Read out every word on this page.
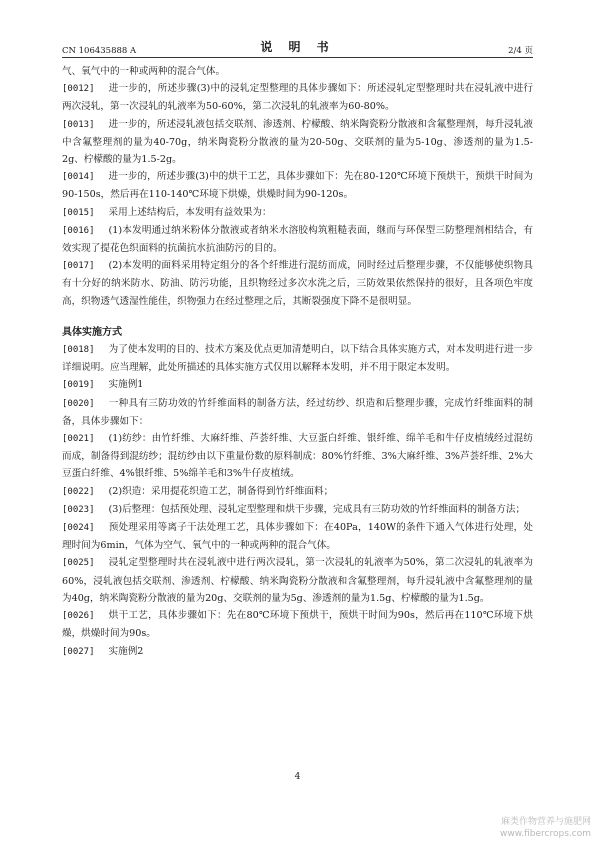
CN 106435888 A	说 明 书	2/4 页

气、氧气中的一种或两种的混合气体。

[0012] 进一步的，所述步骤(3)中的浸轧定型整理的具体步骤如下：所述浸轧定型整理时共在浸轧液中进行两次浸轧，第一次浸轧的轧液率为50-60%，第二次浸轧的轧液率为60-80%。

[0013] 进一步的，所述浸轧液包括交联剂、渗透剂、柠檬酸、纳米陶瓷粉分散液和含氟整理剂，每升浸轧液中含氟整理剂的量为40-70g，纳米陶瓷粉分散液的量为20-50g、交联剂的量为5-10g、渗透剂的量为1.5-2g、柠檬酸的量为1.5-2g。

[0014] 进一步的，所述步骤(3)中的烘干工艺，具体步骤如下：先在80-120℃环境下预烘干，预烘干时间为90-150s，然后再在110-140℃环境下烘燥，烘燥时间为90-120s。

[0015] 采用上述结构后，本发明有益效果为：

[0016] (1)本发明通过纳米粉体分散液或者纳米水溶胶构筑粗糙表面，继而与环保型三防整理剂相结合，有效实现了提花色织面料的抗菌抗水抗油防污的目的。

[0017] (2)本发明的面料采用特定组分的各个纤维进行混纺而成，同时经过后整理步骤，不仅能够使织物具有十分好的纳米防水、防油、防污功能，且织物经过多次水洗之后，三防效果依然保持的很好，且各项色牢度高，织物透气透湿性能佳，织物强力在经过整理之后，其断裂强度下降不是很明显。

具体实施方式

[0018] 为了使本发明的目的、技术方案及优点更加清楚明白，以下结合具体实施方式，对本发明进行进一步详细说明。应当理解，此处所描述的具体实施方式仅用以解释本发明，并不用于限定本发明。

[0019] 实施例1

[0020] 一种具有三防功效的竹纤维面料的制备方法，经过纺纱、织造和后整理步骤，完成竹纤维面料的制备，具体步骤如下：

[0021] (1)纺纱：由竹纤维、大麻纤维、芦荟纤维、大豆蛋白纤维、银纤维、绵羊毛和牛仔皮植绒经过混纺而成，制备得到混纺纱；混纺纱由以下重量份数的原料制成：80%竹纤维、3%大麻纤维、3%芦荟纤维、2%大豆蛋白纤维、4%银纤维、5%绵羊毛和3%牛仔皮植绒。

[0022] (2)织造：采用提花织造工艺，制备得到竹纤维面料；

[0023] (3)后整理：包括预处理、浸轧定型整理和烘干步骤，完成具有三防功效的竹纤维面料的制备方法；

[0024] 预处理采用等离子干法处理工艺，具体步骤如下：在40Pa，140W的条件下通入气体进行处理，处理时间为6min，气体为空气、氧气中的一种或两种的混合气体。

[0025] 浸轧定型整理时共在浸轧液中进行两次浸轧，第一次浸轧的轧液率为50%，第二次浸轧的轧液率为60%，浸轧液包括交联剂、渗透剂、柠檬酸、纳米陶瓷粉分散液和含氟整理剂，每升浸轧液中含氟整理剂的量为40g，纳米陶瓷粉分散液的量为20g、交联剂的量为5g、渗透剂的量为1.5g、柠檬酸的量为1.5g。

[0026] 烘干工艺，具体步骤如下：先在80℃环境下预烘干，预烘干时间为90s，然后再在110℃环境下烘燥，烘燥时间为90s。

[0027] 实施例2

4
麻类作物营养与施肥网
www.fibercrops.com
